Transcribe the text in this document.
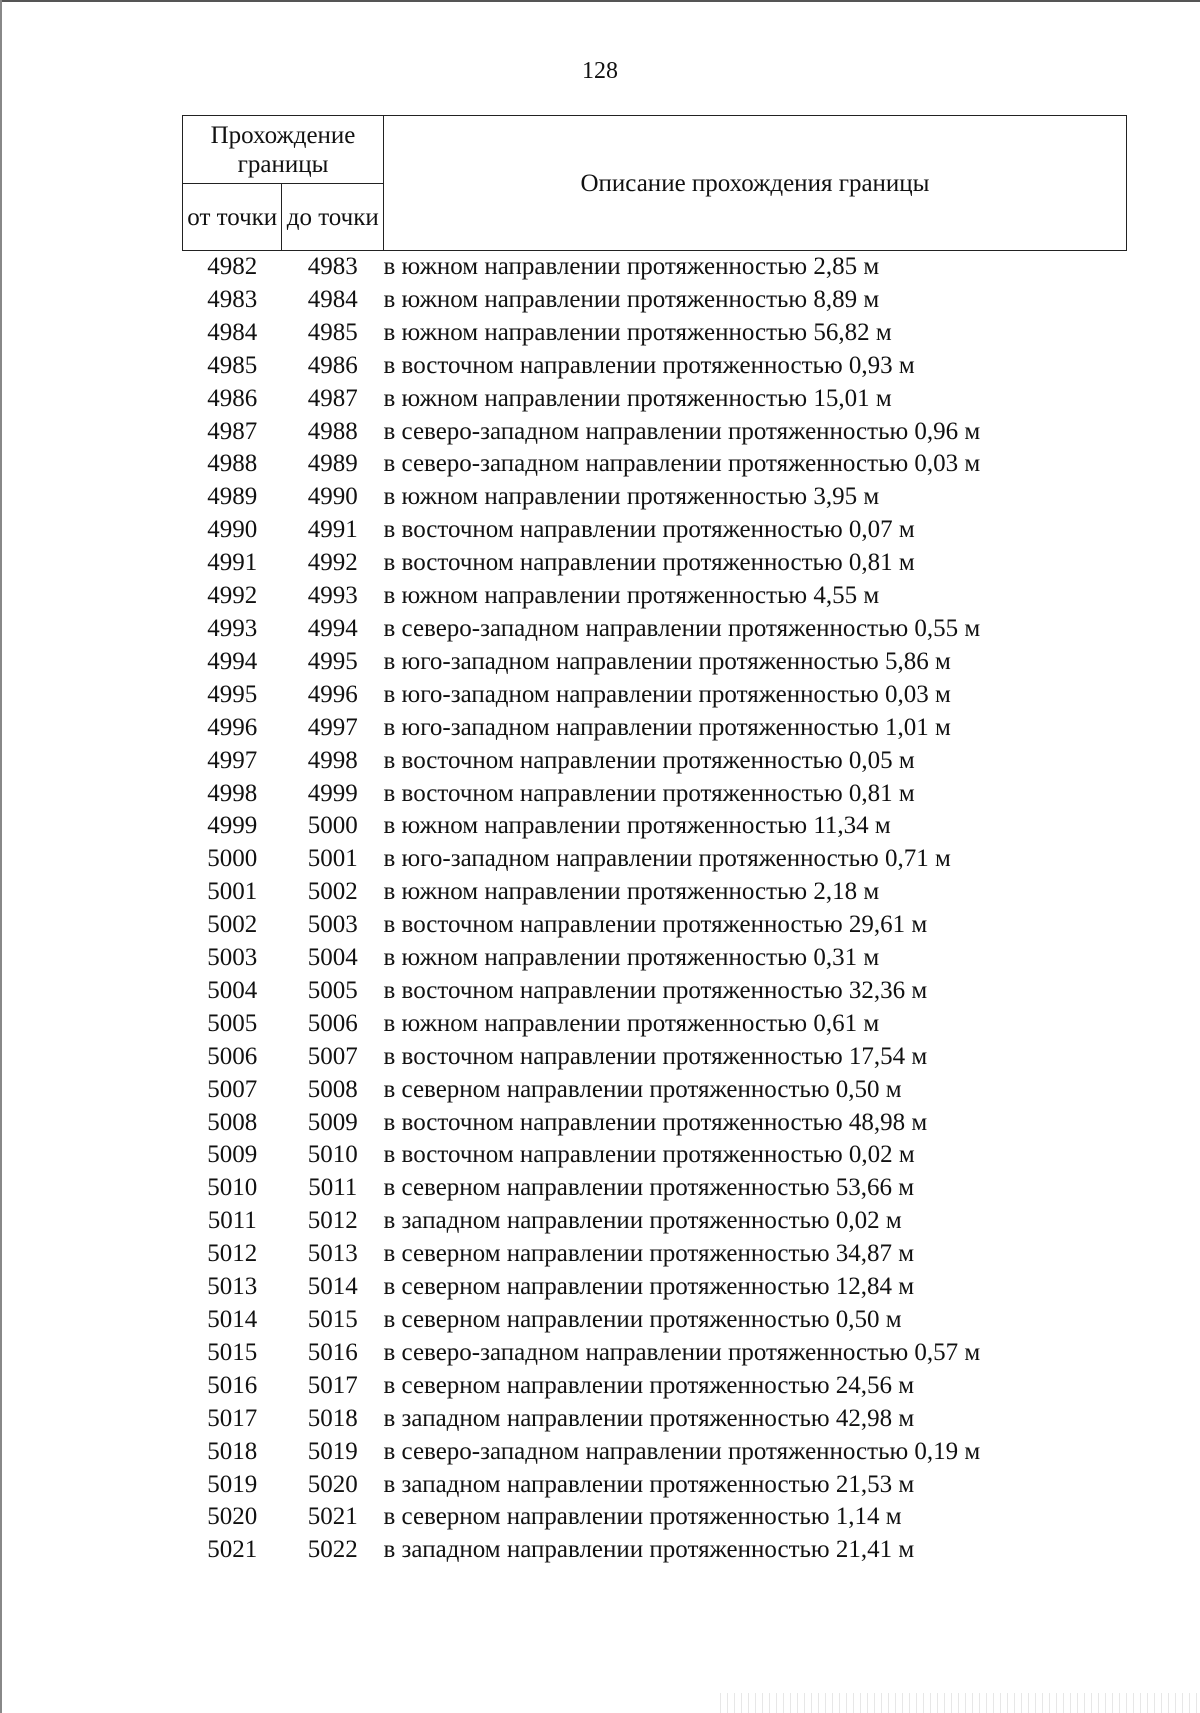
128
Прохождение границы		Описание прохождения границы
от точки	до точки	
4982	4983	в южном направлении протяженностью 2,85 м
4983	4984	в южном направлении протяженностью 8,89 м
4984	4985	в южном направлении протяженностью 56,82 м
4985	4986	в восточном направлении протяженностью 0,93 м
4986	4987	в южном направлении протяженностью 15,01 м
4987	4988	в северо-западном направлении протяженностью 0,96 м
4988	4989	в северо-западном направлении протяженностью 0,03 м
4989	4990	в южном направлении протяженностью 3,95 м
4990	4991	в восточном направлении протяженностью 0,07 м
4991	4992	в восточном направлении протяженностью 0,81 м
4992	4993	в южном направлении протяженностью 4,55 м
4993	4994	в северо-западном направлении протяженностью 0,55 м
4994	4995	в юго-западном направлении протяженностью 5,86 м
4995	4996	в юго-западном направлении протяженностью 0,03 м
4996	4997	в юго-западном направлении протяженностью 1,01 м
4997	4998	в восточном направлении протяженностью 0,05 м
4998	4999	в восточном направлении протяженностью 0,81 м
4999	5000	в южном направлении протяженностью 11,34 м
5000	5001	в юго-западном направлении протяженностью 0,71 м
5001	5002	в южном направлении протяженностью 2,18 м
5002	5003	в восточном направлении протяженностью 29,61 м
5003	5004	в южном направлении протяженностью 0,31 м
5004	5005	в восточном направлении протяженностью 32,36 м
5005	5006	в южном направлении протяженностью 0,61 м
5006	5007	в восточном направлении протяженностью 17,54 м
5007	5008	в северном направлении протяженностью 0,50 м
5008	5009	в восточном направлении протяженностью 48,98 м
5009	5010	в восточном направлении протяженностью 0,02 м
5010	5011	в северном направлении протяженностью 53,66 м
5011	5012	в западном направлении протяженностью 0,02 м
5012	5013	в северном направлении протяженностью 34,87 м
5013	5014	в северном направлении протяженностью 12,84 м
5014	5015	в северном направлении протяженностью 0,50 м
5015	5016	в северо-западном направлении протяженностью 0,57 м
5016	5017	в северном направлении протяженностью 24,56 м
5017	5018	в западном направлении протяженностью 42,98 м
5018	5019	в северо-западном направлении протяженностью 0,19 м
5019	5020	в западном направлении протяженностью 21,53 м
5020	5021	в северном направлении протяженностью 1,14 м
5021	5022	в западном направлении протяженностью 21,41 м
